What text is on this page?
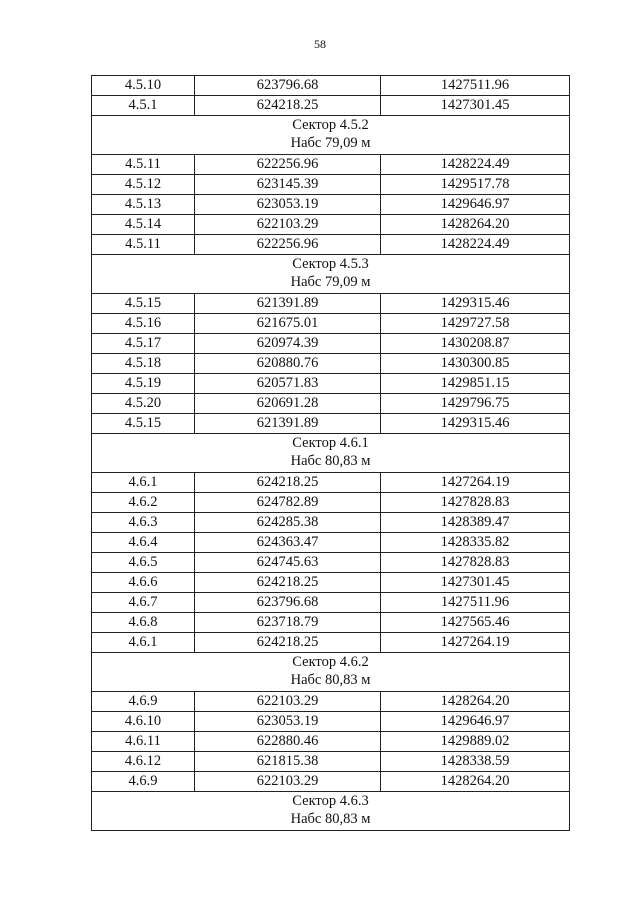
58
4.5.10	623796.68	1427511.96
4.5.1	624218.25	1427301.45

Сектор 4.5.2
Набс 79,09 м		

4.5.11	622256.96	1428224.49
4.5.12	623145.39	1429517.78
4.5.13	623053.19	1429646.97
4.5.14	622103.29	1428264.20
4.5.11	622256.96	1428224.49

Сектор 4.5.3
Набс 79,09 м		

4.5.15	621391.89	1429315.46
4.5.16	621675.01	1429727.58
4.5.17	620974.39	1430208.87
4.5.18	620880.76	1430300.85
4.5.19	620571.83	1429851.15
4.5.20	620691.28	1429796.75
4.5.15	621391.89	1429315.46

Сектор 4.6.1
Набс 80,83 м		

4.6.1	624218.25	1427264.19
4.6.2	624782.89	1427828.83
4.6.3	624285.38	1428389.47
4.6.4	624363.47	1428335.82
4.6.5	624745.63	1427828.83
4.6.6	624218.25	1427301.45
4.6.7	623796.68	1427511.96
4.6.8	623718.79	1427565.46
4.6.1	624218.25	1427264.19

Сектор 4.6.2
Набс 80,83 м		

4.6.9	622103.29	1428264.20
4.6.10	623053.19	1429646.97
4.6.11	622880.46	1429889.02
4.6.12	621815.38	1428338.59
4.6.9	622103.29	1428264.20

Сектор 4.6.3
Набс 80,83 м		
